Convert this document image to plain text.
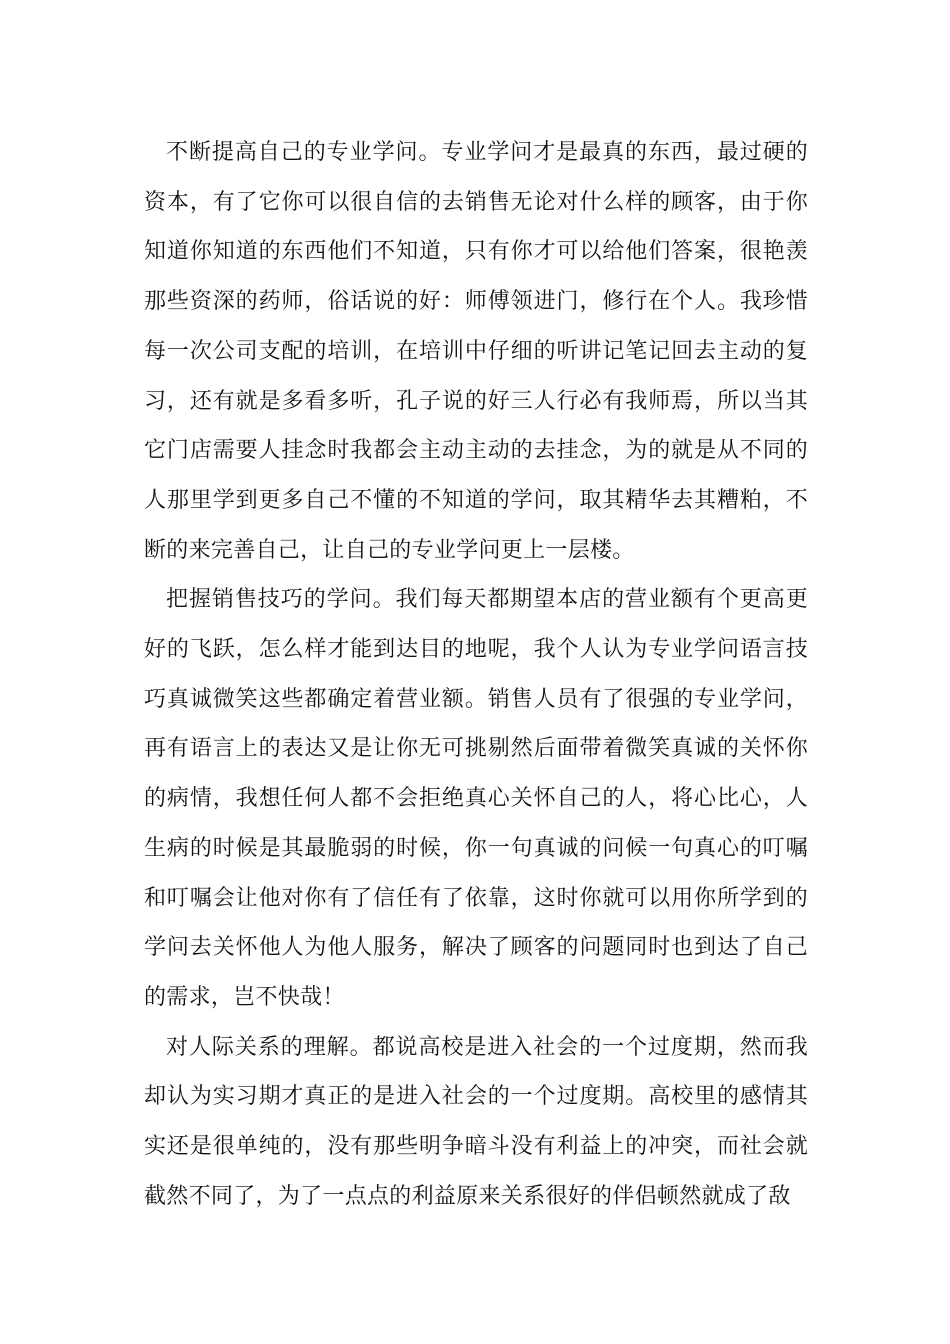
不断提高自己的专业学问。专业学问才是最真的东西，最过硬的资本，有了它你可以很自信的去销售无论对什么样的顾客，由于你知道你知道的东西他们不知道，只有你才可以给他们答案，很艳羡那些资深的药师，俗话说的好：师傅领进门，修行在个人。我珍惜每一次公司支配的培训，在培训中仔细的听讲记笔记回去主动的复习，还有就是多看多听，孔子说的好三人行必有我师焉，所以当其它门店需要人挂念时我都会主动主动的去挂念，为的就是从不同的人那里学到更多自己不懂的不知道的学问，取其精华去其糟粕，不断的来完善自己，让自己的专业学问更上一层楼。

把握销售技巧的学问。我们每天都期望本店的营业额有个更高更好的飞跃，怎么样才能到达目的地呢，我个人认为专业学问语言技巧真诚微笑这些都确定着营业额。销售人员有了很强的专业学问，再有语言上的表达又是让你无可挑剔然后面带着微笑真诚的关怀你的病情，我想任何人都不会拒绝真心关怀自己的人，将心比心，人生病的时候是其最脆弱的时候，你一句真诚的问候一句真心的叮嘱和叮嘱会让他对你有了信任有了依靠，这时你就可以用你所学到的学问去关怀他人为他人服务，解决了顾客的问题同时也到达了自己的需求，岂不快哉！

对人际关系的理解。都说高校是进入社会的一个过度期，然而我却认为实习期才真正的是进入社会的一个过度期。高校里的感情其实还是很单纯的，没有那些明争暗斗没有利益上的冲突，而社会就截然不同了，为了一点点的利益原来关系很好的伴侣顿然就成了敌
